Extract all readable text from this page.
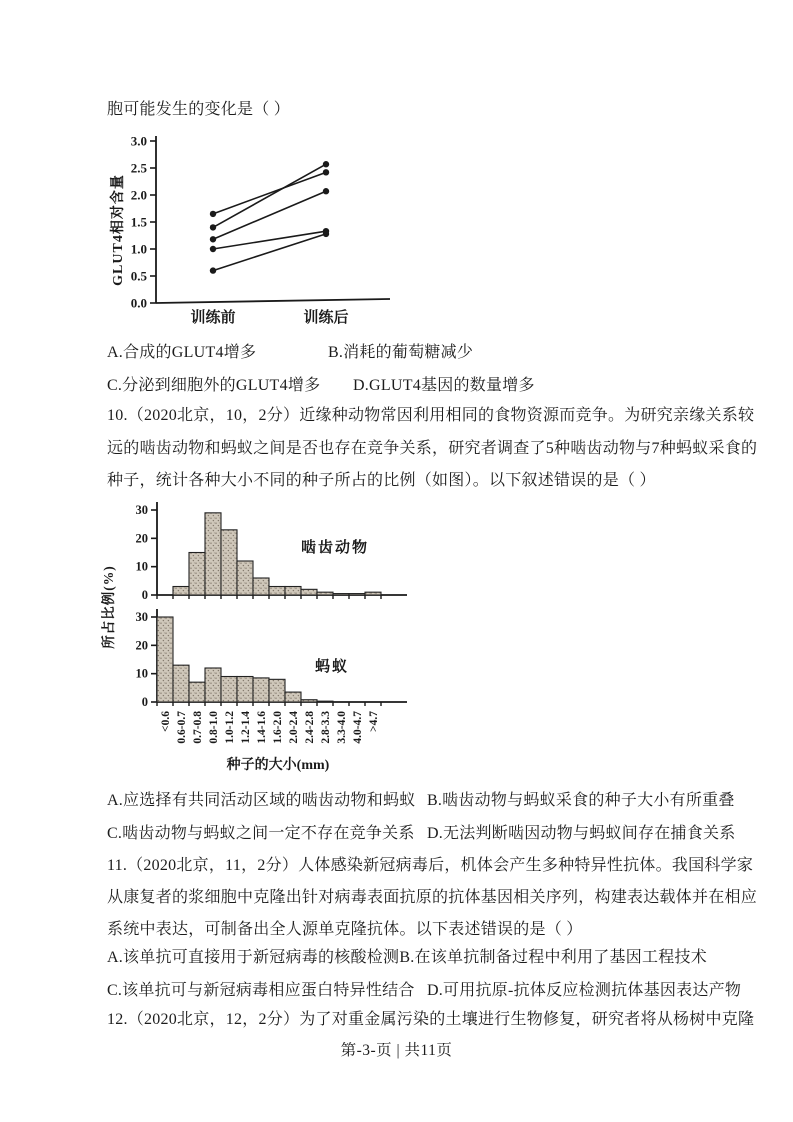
胞可能发生的变化是（ ）
0.0
0.5
1.0
1.5
2.0
2.5
3.0
GLUT4相对含量
训练前	训练后
A.合成的GLUT4增多	B.消耗的葡萄糖减少
C.分泌到细胞外的GLUT4增多	D.GLUT4基因的数量增多
10.（2020北京，10，2分）近缘种动物常因利用相同的食物资源而竞争。为研究亲缘关系较
远的啮齿动物和蚂蚁之间是否也存在竞争关系，研究者调查了5种啮齿动物与7种蚂蚁采食的
种子，统计各种大小不同的种子所占的比例（如图）。以下叙述错误的是（ ）
0
10
20
30
啮齿动物
0
10
20
30
蚂蚁
所占比例(%)
<0.6 0.6-0.7 0.7-0.8 0.8-1.0 1.0-1.2 1.2-1.4 1.4-1.6 1.6-2.0 2.0-2.4 2.4-2.8 2.8-3.3 3.3-4.0 4.0-4.7 >4.7
种子的大小(mm)
A.应选择有共同活动区域的啮齿动物和蚂蚁 B.啮齿动物与蚂蚁采食的种子大小有所重叠
C.啮齿动物与蚂蚁之间一定不存在竞争关系 D.无法判断啮因动物与蚂蚁间存在捕食关系
11.（2020北京，11，2分）人体感染新冠病毒后，机体会产生多种特异性抗体。我国科学家
从康复者的浆细胞中克隆出针对病毒表面抗原的抗体基因相关序列，构建表达载体并在相应
系统中表达，可制备出全人源单克隆抗体。以下表述错误的是（ ）
A.该单抗可直接用于新冠病毒的核酸检测 B.在该单抗制备过程中利用了基因工程技术
C.该单抗可与新冠病毒相应蛋白特异性结合 D.可用抗原-抗体反应检测抗体基因表达产物
12.（2020北京，12，2分）为了对重金属污染的土壤进行生物修复，研究者将从杨树中克隆
第-3-页 | 共11页
